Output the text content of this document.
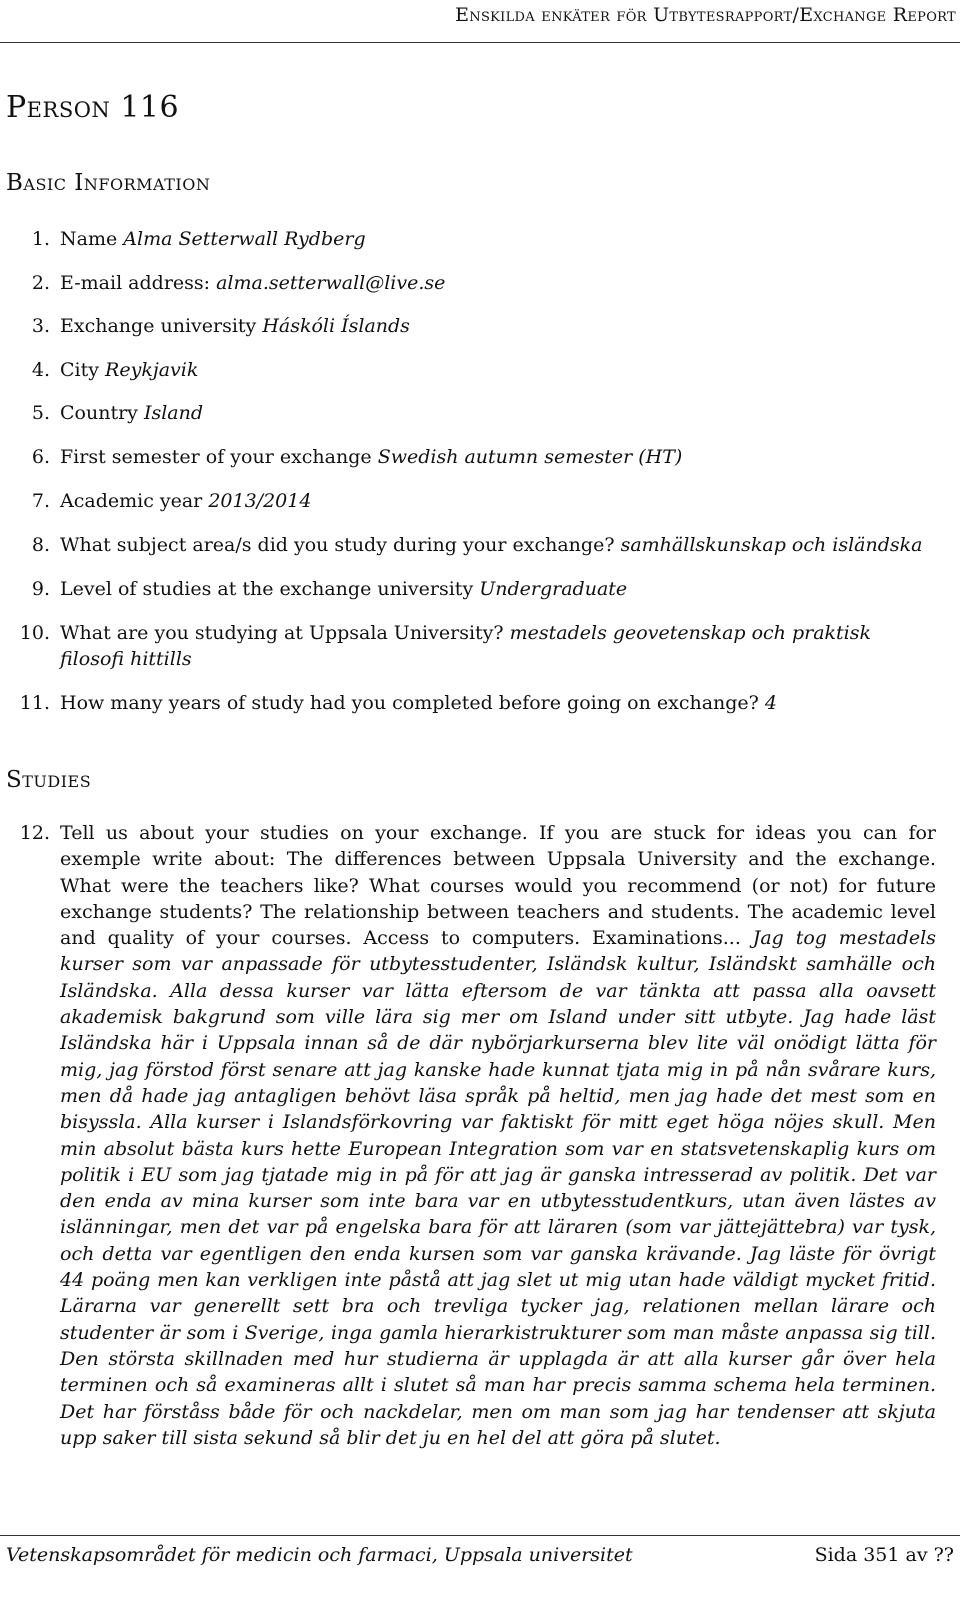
Enskilda enkäter för Utbytesrapport/Exchange Report
Person 116
Basic Information
1. Name Alma Setterwall Rydberg
2. E-mail address: alma.setterwall@live.se
3. Exchange university Háskóli Íslands
4. City Reykjavik
5. Country Island
6. First semester of your exchange Swedish autumn semester (HT)
7. Academic year 2013/2014
8. What subject area/s did you study during your exchange? samhällskunskap och isländska
9. Level of studies at the exchange university Undergraduate
10. What are you studying at Uppsala University? mestadels geovetenskap och praktisk filosofi hittills
11. How many years of study had you completed before going on exchange? 4
Studies
12. Tell us about your studies on your exchange. If you are stuck for ideas you can for exemple write about: The differences between Uppsala University and the exchange. What were the teachers like? What courses would you recommend (or not) for future exchange students? The relationship between teachers and students. The academic level and quality of your courses. Access to computers. Examinations... Jag tog mestadels kurser som var anpassade för utbytesstudenter, Isländsk kultur, Isländskt samhälle och Isländska. Alla dessa kurser var lätta eftersom de var tänkta att passa alla oavsett akademisk bakgrund som ville lära sig mer om Island under sitt utbyte. Jag hade läst Isländska här i Uppsala innan så de där nybörjarkurserna blev lite väl onödigt lätta för mig, jag förstod först senare att jag kanske hade kunnat tjata mig in på nån svårare kurs, men då hade jag antagligen behövt läsa språk på heltid, men jag hade det mest som en bisyssla. Alla kurser i Islandsförkovring var faktiskt för mitt eget höga nöjes skull. Men min absolut bästa kurs hette European Integration som var en statsvetenskaplig kurs om politik i EU som jag tjatade mig in på för att jag är ganska intresserad av politik. Det var den enda av mina kurser som inte bara var en utbytesstudentkurs, utan även lästes av islänningar, men det var på engelska bara för att läraren (som var jättejättebra) var tysk, och detta var egentligen den enda kursen som var ganska krävande. Jag läste för övrigt 44 poäng men kan verkligen inte påstå att jag slet ut mig utan hade väldigt mycket fritid. Lärarna var generellt sett bra och trevliga tycker jag, relationen mellan lärare och studenter är som i Sverige, inga gamla hierarkistrukturer som man måste anpassa sig till. Den största skillnaden med hur studierna är upplagda är att alla kurser går över hela terminen och så examineras allt i slutet så man har precis samma schema hela terminen. Det har förståss både för och nackdelar, men om man som jag har tendenser att skjuta upp saker till sista sekund så blir det ju en hel del att göra på slutet.
Vetenskapsområdet för medicin och farmaci, Uppsala universitet	Sida 351 av ??
